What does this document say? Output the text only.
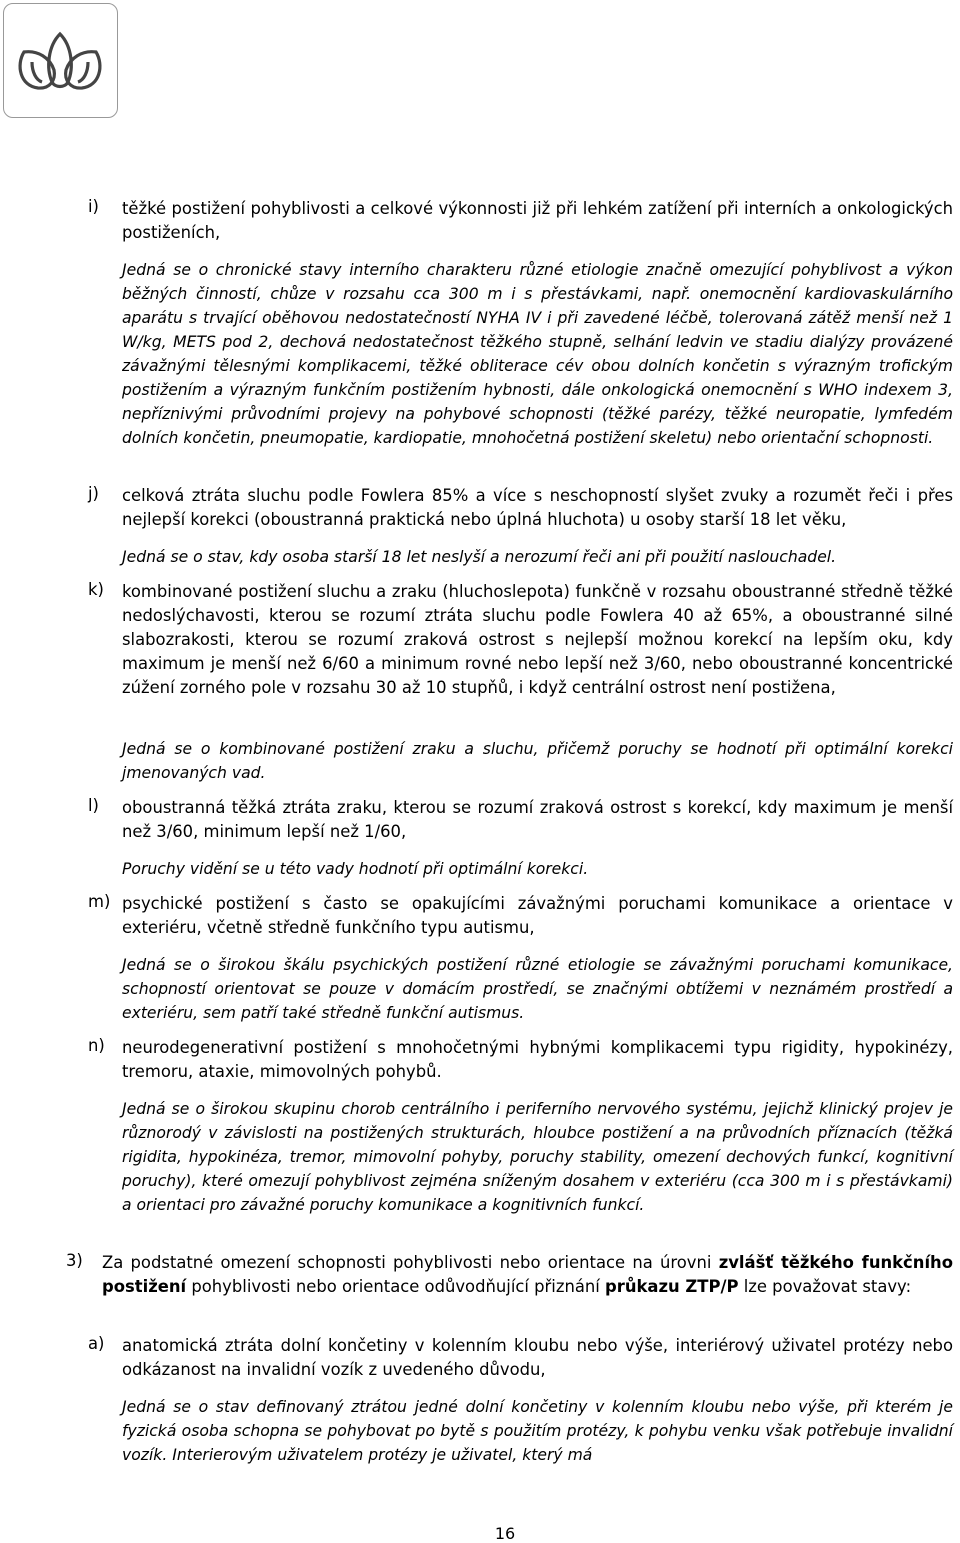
i) těžké postižení pohyblivosti a celkové výkonnosti již při lehkém zatížení při interních a onkologických postiženích,
Jedná se o chronické stavy interního charakteru různé etiologie značně omezující pohyblivost a výkon běžných činností, chůze v rozsahu cca 300 m i s přestávkami, např. onemocnění kardiovaskulárního aparátu s trvající oběhovou nedostatečností NYHA IV i při zavedené léčbě, tolerovaná zátěž menší než 1 W/kg, METS pod 2, dechová nedostatečnost těžkého stupně, selhání ledvin ve stadiu dialýzy provázené závažnými tělesnými komplikacemi, těžké obliterace cév obou dolních končetin s výrazným trofickým postižením a výrazným funkčním postižením hybnosti, dále onkologická onemocnění s WHO indexem 3, nepříznivými průvodními projevy na pohybové schopnosti (těžké parézy, těžké neuropatie, lymfedém dolních končetin, pneumopatie, kardiopatie, mnohočetná postižení skeletu) nebo orientační schopnosti.
j) celková ztráta sluchu podle Fowlera 85% a více s neschopností slyšet zvuky a rozumět řeči i přes nejlepší korekci (oboustranná praktická nebo úplná hluchota) u osoby starší 18 let věku,
Jedná se o stav, kdy osoba starší 18 let neslyší a nerozumí řeči ani při použití naslouchadel.
k) kombinované postižení sluchu a zraku (hluchoslepota) funkčně v rozsahu oboustranné středně těžké nedoslýchavosti, kterou se rozumí ztráta sluchu podle Fowlera 40 až 65%, a oboustranné silné slabozrakosti, kterou se rozumí zraková ostrost s nejlepší možnou korekcí na lepším oku, kdy maximum je menší než 6/60 a minimum rovné nebo lepší než 3/60, nebo oboustranné koncentrické zúžení zorného pole v rozsahu 30 až 10 stupňů, i když centrální ostrost není postižena,
Jedná se o kombinované postižení zraku a sluchu, přičemž poruchy se hodnotí při optimální korekci jmenovaných vad.
l) oboustranná těžká ztráta zraku, kterou se rozumí zraková ostrost s korekcí, kdy maximum je menší než 3/60, minimum lepší než 1/60,
Poruchy vidění se u této vady hodnotí při optimální korekci.
m) psychické postižení s často se opakujícími závažnými poruchami komunikace a orientace v exteriéru, včetně středně funkčního typu autismu,
Jedná se o širokou škálu psychických postižení různé etiologie se závažnými poruchami komunikace, schopností orientovat se pouze v domácím prostředí, se značnými obtížemi v neznámém prostředí a exteriéru, sem patří také středně funkční autismus.
n) neurodegenerativní postižení s mnohočetnými hybnými komplikacemi typu rigidity, hypokinézy, tremoru, ataxie, mimovolných pohybů.
Jedná se o širokou skupinu chorob centrálního i periferního nervového systému, jejichž klinický projev je různorodý v závislosti na postižených strukturách, hloubce postižení a na průvodních příznacích (těžká rigidita, hypokinéza, tremor, mimovolní pohyby, poruchy stability, omezení dechových funkcí, kognitivní poruchy), které omezují pohyblivost zejména sníženým dosahem v exteriéru (cca 300 m i s přestávkami) a orientaci pro závažné poruchy komunikace a kognitivních funkcí.
3) Za podstatné omezení schopnosti pohyblivosti nebo orientace na úrovni zvlášť těžkého funkčního postižení pohyblivosti nebo orientace odůvodňující přiznání průkazu ZTP/P lze považovat stavy:
a) anatomická ztráta dolní končetiny v kolenním kloubu nebo výše, interiérový uživatel protézy nebo odkázanost na invalidní vozík z uvedeného důvodu,
Jedná se o stav definovaný ztrátou jedné dolní končetiny v kolenním kloubu nebo výše, při kterém je fyzická osoba schopna se pohybovat po bytě s použitím protézy, k pohybu venku však potřebuje invalidní vozík. Interierovým uživatelem protézy je uživatel, který má
16
